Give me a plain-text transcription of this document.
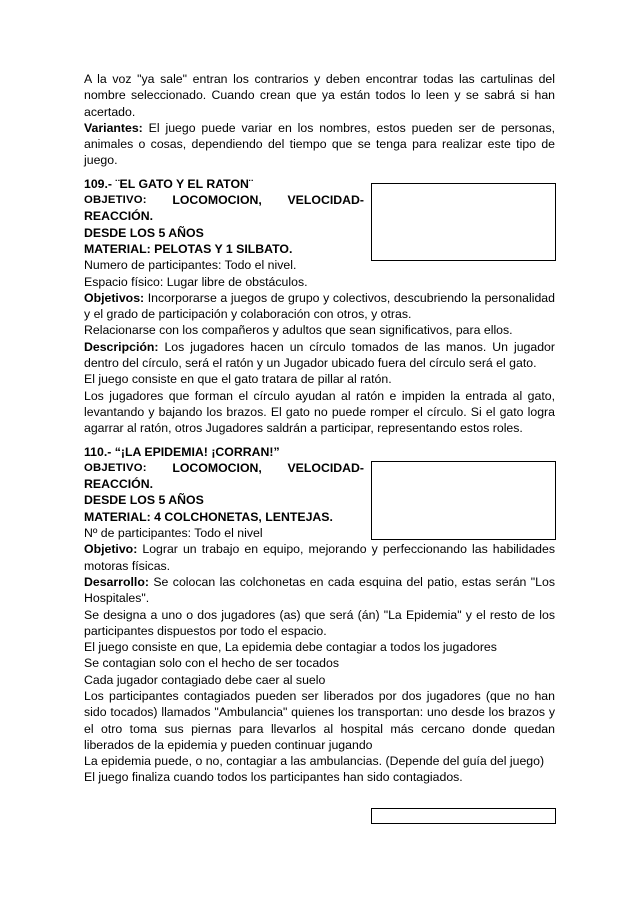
A la voz "ya sale" entran los contrarios y deben encontrar todas las cartulinas del nombre seleccionado. Cuando crean que ya están todos lo leen y se sabrá si han acertado.

Variantes: El juego puede variar en los nombres, estos pueden ser de personas, animales o cosas, dependiendo del tiempo que se tenga para realizar este tipo de juego.

109.- ¨EL GATO Y EL RATON¨

OBJETIVO: LOCOMOCION, VELOCIDAD-

REACCIÓN.

DESDE LOS 5 AÑOS

MATERIAL: PELOTAS Y 1 SILBATO.

Numero de participantes: Todo el nivel.

Espacio físico: Lugar libre de obstáculos.

Objetivos: Incorporarse a juegos de grupo y colectivos, descubriendo la personalidad y el grado de participación y colaboración con otros, y otras.

Relacionarse con los compañeros y adultos que sean significativos, para ellos.

Descripción: Los jugadores hacen un círculo tomados de las manos. Un jugador dentro del círculo, será el ratón y un Jugador ubicado fuera del círculo será el gato.

El juego consiste en que el gato tratara de pillar al ratón.

Los jugadores que forman el círculo ayudan al ratón e impiden la entrada al gato, levantando y bajando los brazos. El gato no puede romper el círculo. Si el gato logra agarrar al ratón, otros Jugadores saldrán a participar, representando estos roles.

110.- “¡LA EPIDEMIA! ¡CORRAN!”

OBJETIVO: LOCOMOCION, VELOCIDAD-

REACCIÓN.

DESDE LOS 5 AÑOS

MATERIAL: 4 COLCHONETAS, LENTEJAS.

Nº de participantes: Todo el nivel

Objetivo: Lograr un trabajo en equipo, mejorando y perfeccionando las habilidades motoras físicas.

Desarrollo: Se colocan las colchonetas en cada esquina del patio, estas serán "Los Hospitales".

Se designa a uno o dos jugadores (as) que será (án) "La Epidemia" y el resto de los participantes dispuestos por todo el espacio.

El juego consiste en que, La epidemia debe contagiar a todos los jugadores

Se contagian solo con el hecho de ser tocados

Cada jugador contagiado debe caer al suelo

Los participantes contagiados pueden ser liberados por dos jugadores (que no han sido tocados) llamados "Ambulancia" quienes los transportan: uno desde los brazos y el otro toma sus piernas para llevarlos al hospital más cercano donde quedan liberados de la epidemia y pueden continuar jugando

La epidemia puede, o no, contagiar a las ambulancias. (Depende del guía del juego)

El juego finaliza cuando todos los participantes han sido contagiados.
